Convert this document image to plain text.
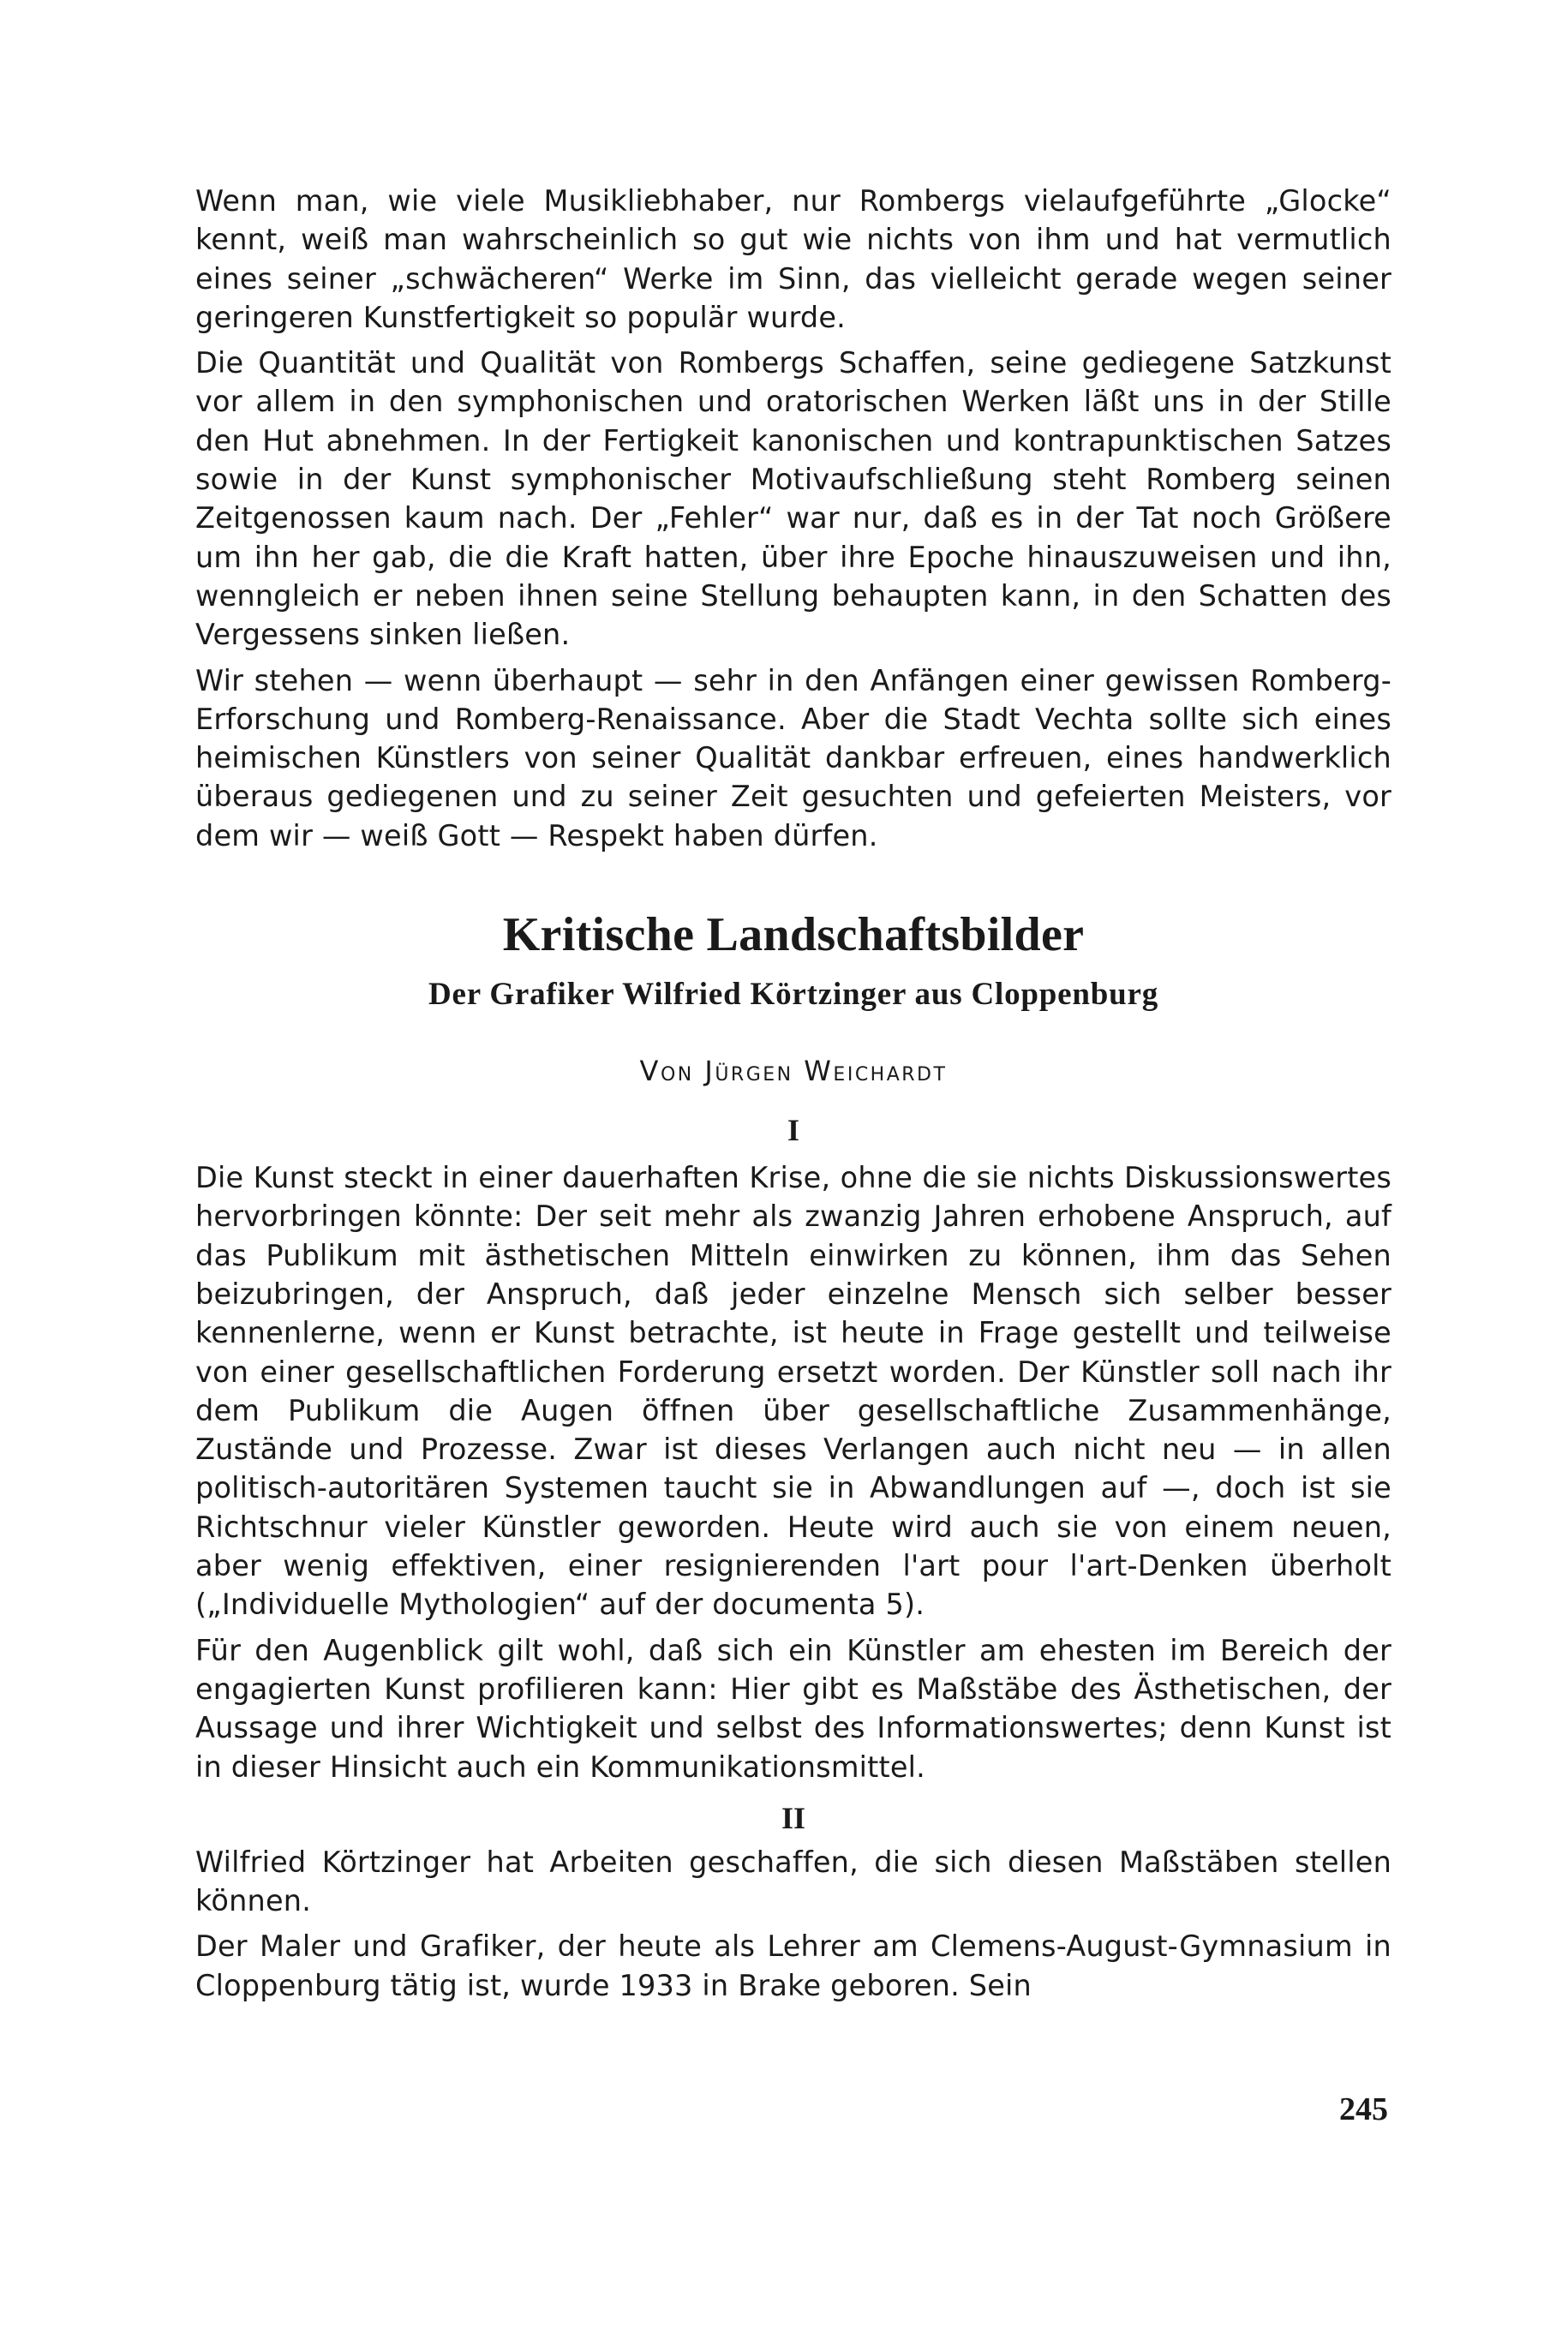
Wenn man, wie viele Musikliebhaber, nur Rombergs vielaufgeführte „Glocke“ kennt, weiß man wahrscheinlich so gut wie nichts von ihm und hat vermutlich eines seiner „schwächeren“ Werke im Sinn, das vielleicht gerade wegen seiner geringeren Kunstfertigkeit so populär wurde.

Die Quantität und Qualität von Rombergs Schaffen, seine gediegene Satzkunst vor allem in den symphonischen und oratorischen Werken läßt uns in der Stille den Hut abnehmen. In der Fertigkeit kanonischen und kontrapunktischen Satzes sowie in der Kunst symphonischer Motivaufschließung steht Romberg seinen Zeitgenossen kaum nach. Der „Fehler“ war nur, daß es in der Tat noch Größere um ihn her gab, die die Kraft hatten, über ihre Epoche hinauszuweisen und ihn, wenngleich er neben ihnen seine Stellung behaupten kann, in den Schatten des Vergessens sinken ließen.

Wir stehen — wenn überhaupt — sehr in den Anfängen einer gewissen Romberg-Erforschung und Romberg-Renaissance. Aber die Stadt Vechta sollte sich eines heimischen Künstlers von seiner Qualität dankbar erfreuen, eines handwerklich überaus gediegenen und zu seiner Zeit gesuchten und gefeierten Meisters, vor dem wir — weiß Gott — Respekt haben dürfen.

Kritische Landschaftsbilder
Der Grafiker Wilfried Körtzinger aus Cloppenburg
Von Jürgen Weichardt
I

Die Kunst steckt in einer dauerhaften Krise, ohne die sie nichts Diskussionswertes hervorbringen könnte: Der seit mehr als zwanzig Jahren erhobene Anspruch, auf das Publikum mit ästhetischen Mitteln einwirken zu können, ihm das Sehen beizubringen, der Anspruch, daß jeder einzelne Mensch sich selber besser kennenlerne, wenn er Kunst betrachte, ist heute in Frage gestellt und teilweise von einer gesellschaftlichen Forderung ersetzt worden. Der Künstler soll nach ihr dem Publikum die Augen öffnen über gesellschaftliche Zusammenhänge, Zustände und Prozesse. Zwar ist dieses Verlangen auch nicht neu — in allen politisch-autoritären Systemen taucht sie in Abwandlungen auf —, doch ist sie Richtschnur vieler Künstler geworden. Heute wird auch sie von einem neuen, aber wenig effektiven, einer resignierenden l'art pour l'art-Denken überholt („Individuelle Mythologien“ auf der documenta 5).

Für den Augenblick gilt wohl, daß sich ein Künstler am ehesten im Bereich der engagierten Kunst profilieren kann: Hier gibt es Maßstäbe des Ästhetischen, der Aussage und ihrer Wichtigkeit und selbst des Informationswertes; denn Kunst ist in dieser Hinsicht auch ein Kommunikationsmittel.

II

Wilfried Körtzinger hat Arbeiten geschaffen, die sich diesen Maßstäben stellen können.

Der Maler und Grafiker, der heute als Lehrer am Clemens-August-Gymnasium in Cloppenburg tätig ist, wurde 1933 in Brake geboren. Sein

245
